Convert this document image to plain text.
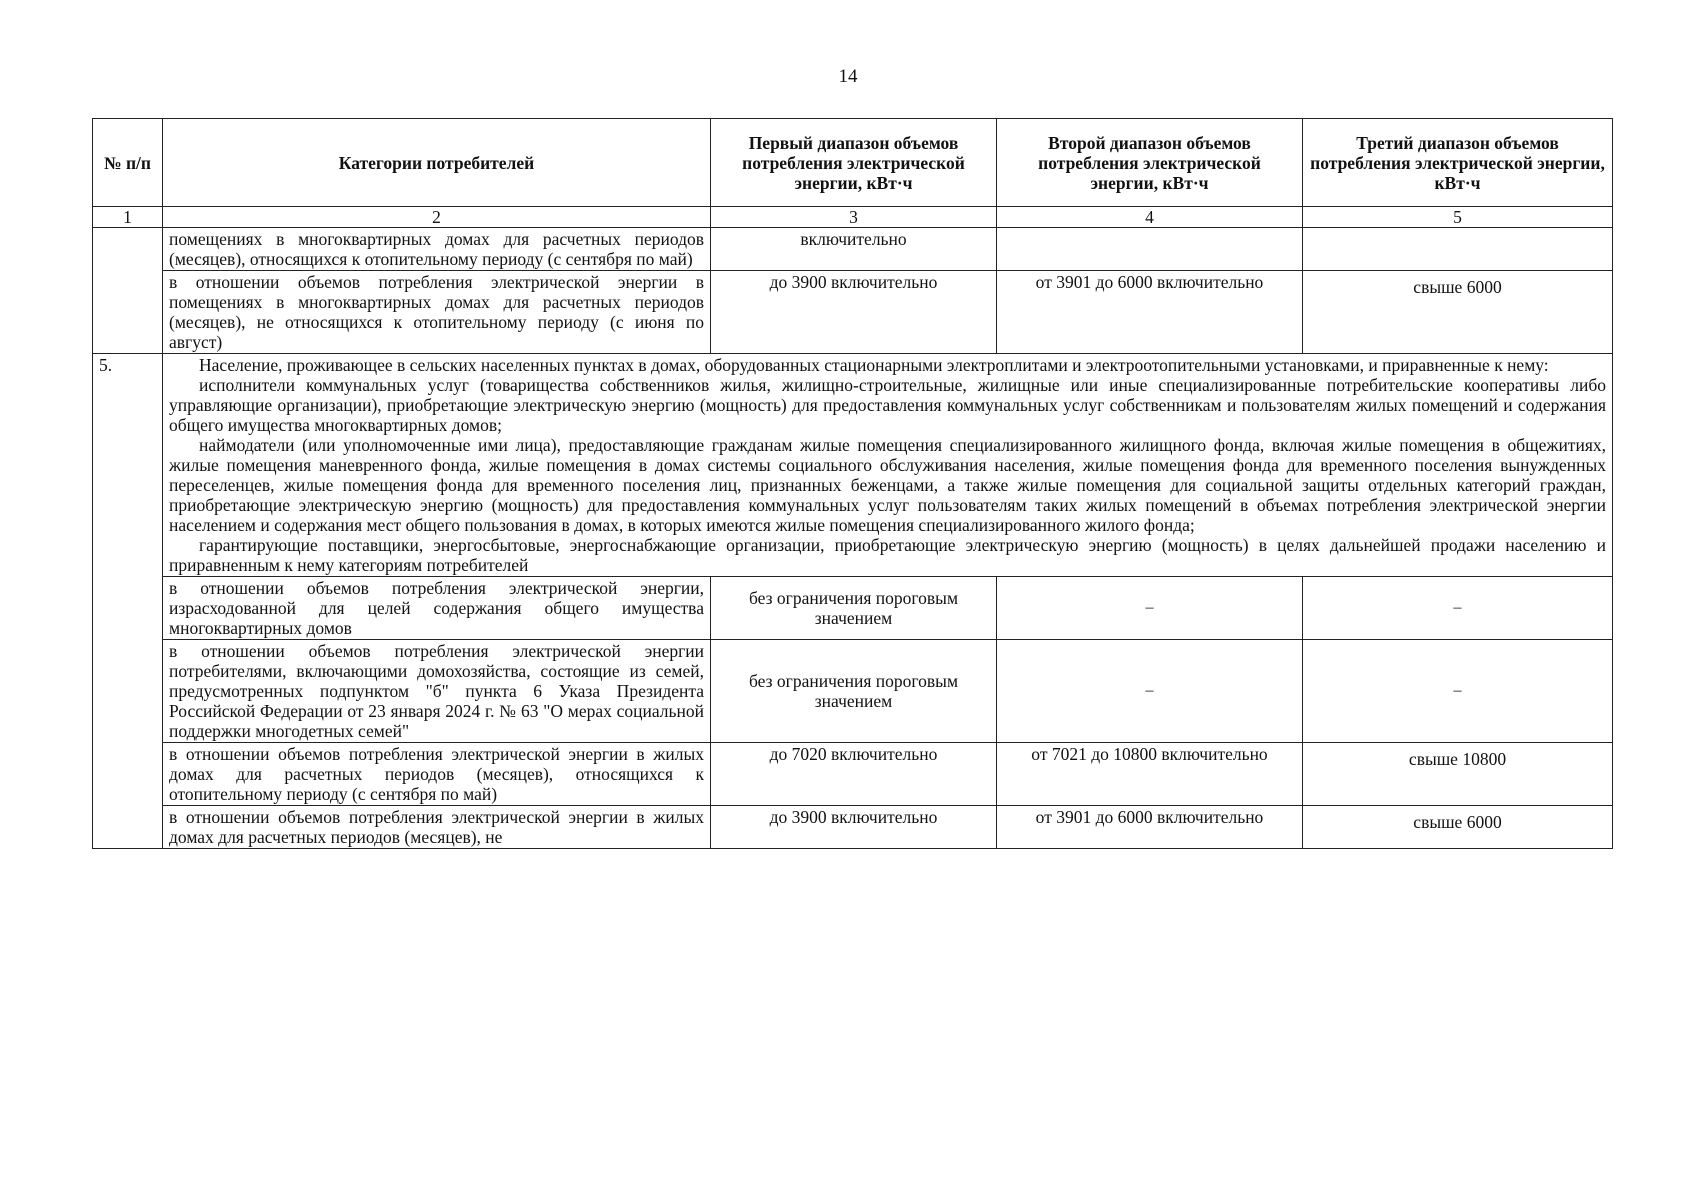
14
№ п/п	Категории потребителей	Первый диапазон объемов потребления электрической энергии, кВт·ч	Второй диапазон объемов потребления электрической энергии, кВт·ч	Третий диапазон объемов потребления электрической энергии, кВт·ч
1	2	3	4	5
	помещениях в многоквартирных домах для расчетных периодов (месяцев), относящихся к отопительному периоду (с сентября по май)	включительно		
	в отношении объемов потребления электрической энергии в помещениях в многоквартирных домах для расчетных периодов (месяцев), не относящихся к отопительному периоду (с июня по август)	до 3900 включительно	от 3901 до 6000 включительно	свыше 6000
5.	Население, проживающее в сельских населенных пунктах в домах, оборудованных стационарными электроплитами и электроотопительными установками, и приравненные к нему:

исполнители коммунальных услуг (товарищества собственников жилья, жилищно-строительные, жилищные или иные специализированные потребительские кооперативы либо управляющие организации), приобретающие электрическую энергию (мощность) для предоставления коммунальных услуг собственникам и пользователям жилых помещений и содержания общего имущества многоквартирных домов;

наймодатели (или уполномоченные ими лица), предоставляющие гражданам жилые помещения специализированного жилищного фонда, включая жилые помещения в общежитиях, жилые помещения маневренного фонда, жилые помещения в домах системы социального обслуживания населения, жилые помещения фонда для временного поселения вынужденных переселенцев, жилые помещения фонда для временного поселения лиц, признанных беженцами, а также жилые помещения для социальной защиты отдельных категорий граждан, приобретающие электрическую энергию (мощность) для предоставления коммунальных услуг пользователям таких жилых помещений в объемах потребления электрической энергии населением и содержания мест общего пользования в домах, в которых имеются жилые помещения специализированного жилого фонда;

гарантирующие поставщики, энергосбытовые, энергоснабжающие организации, приобретающие электрическую энергию (мощность) в целях дальнейшей продажи населению и приравненным к нему категориям потребителей			

	в отношении объемов потребления электрической энергии, израсходованной для целей содержания общего имущества многоквартирных домов	без ограничения пороговым значением	–	–
	в отношении объемов потребления электрической энергии потребителями, включающими домохозяйства, состоящие из семей, предусмотренных подпунктом "б" пункта 6 Указа Президента Российской Федерации от 23 января 2024 г. № 63 "О мерах социальной поддержки многодетных семей"	без ограничения пороговым значением	–	–
	в отношении объемов потребления электрической энергии в жилых домах для расчетных периодов (месяцев), относящихся к отопительному периоду (с сентября по май)	до 7020 включительно	от 7021 до 10800 включительно	свыше 10800
	в отношении объемов потребления электрической энергии в жилых домах для расчетных периодов (месяцев), не	до 3900 включительно	от 3901 до 6000 включительно	свыше 6000
